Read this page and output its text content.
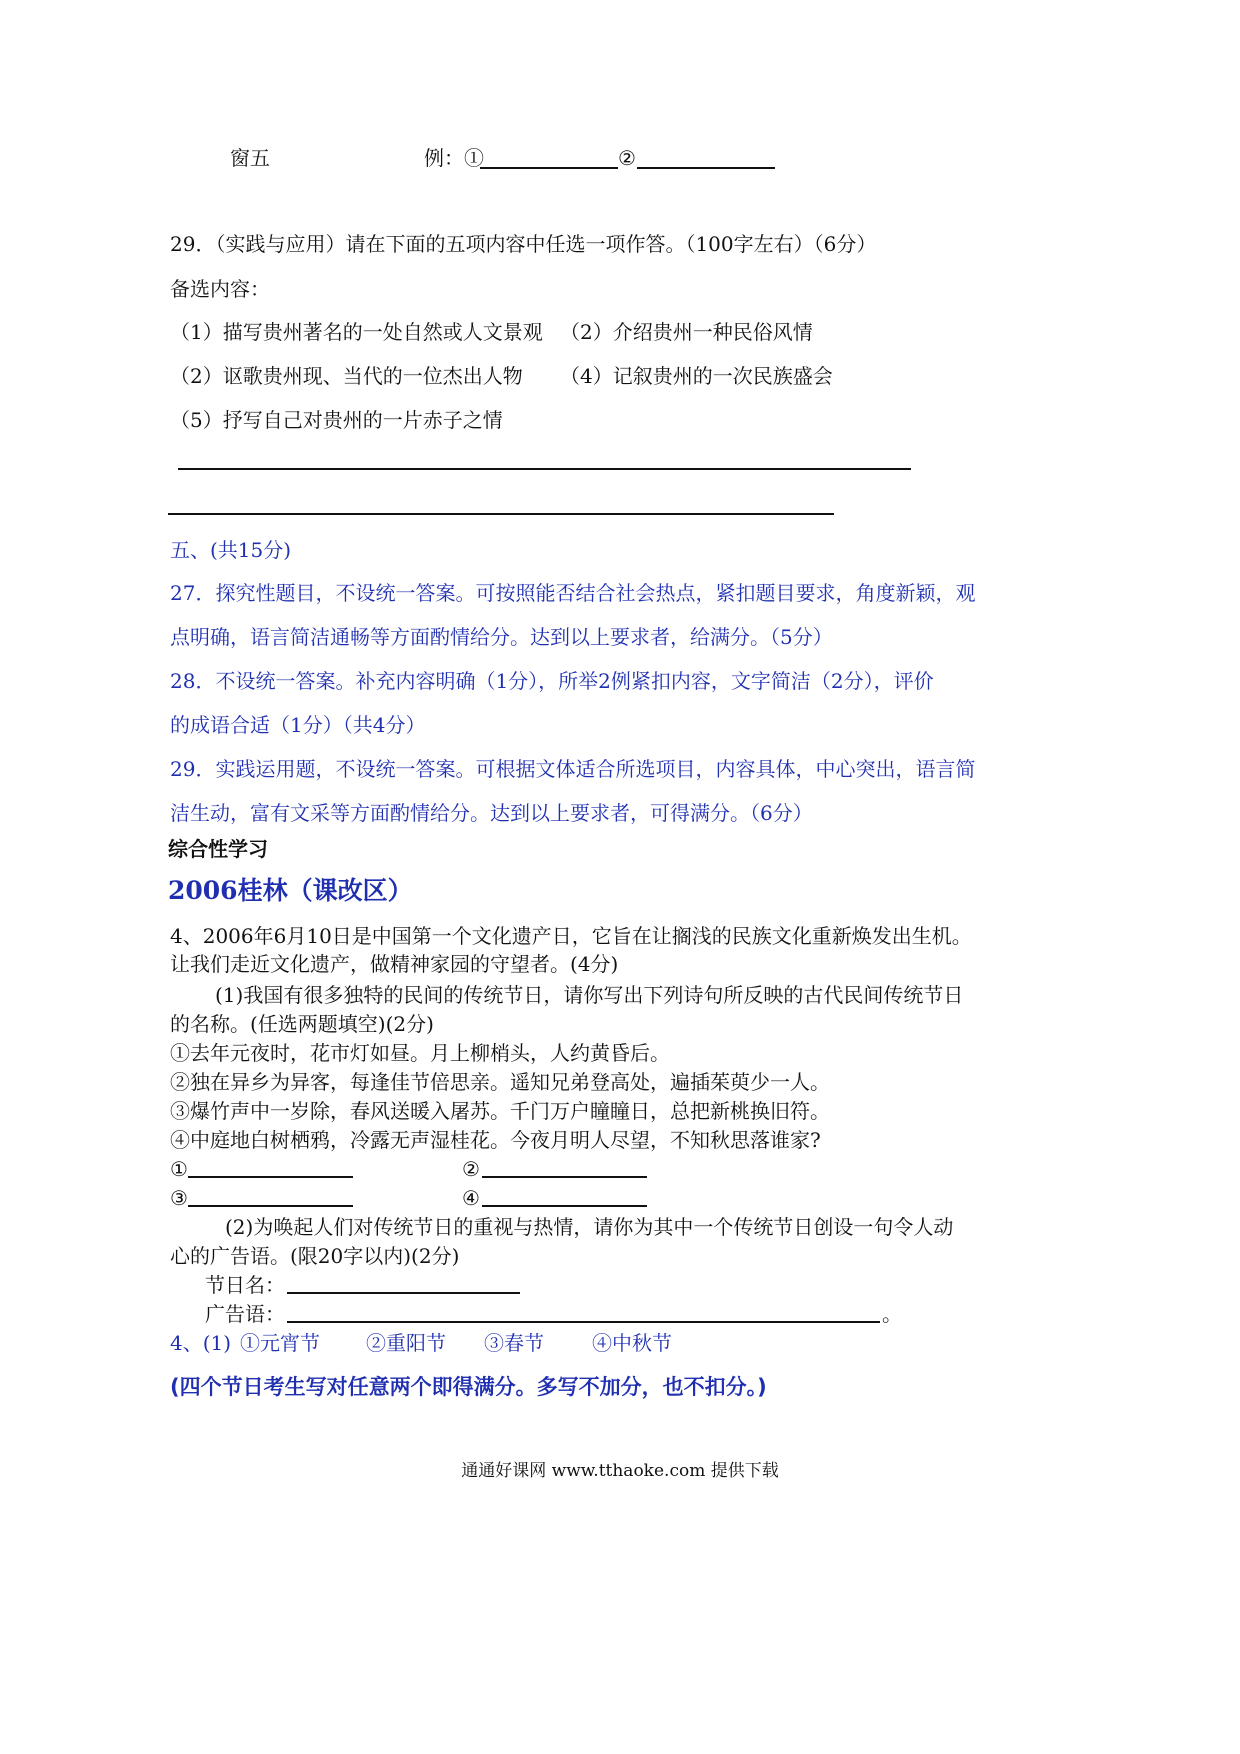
窗五	例：①	②
29．（实践与应用）请在下面的五项内容中任选一项作答。（100字左右）（6分）
备选内容：
（1）描写贵州著名的一处自然或人文景观 （2）介绍贵州一种民俗风情
（2）讴歌贵州现、当代的一位杰出人物 （4）记叙贵州的一次民族盛会
（5）抒写自己对贵州的一片赤子之情
五、(共15分)
27．探究性题目，不设统一答案。可按照能否结合社会热点，紧扣题目要求，角度新颖，观
点明确，语言简洁通畅等方面酌情给分。达到以上要求者，给满分。（5分）
28．不设统一答案。补充内容明确（1分），所举2例紧扣内容，文字简洁（2分），评价
的成语合适（1分）（共4分）
29．实践运用题，不设统一答案。可根据文体适合所选项目，内容具体，中心突出，语言简
洁生动，富有文采等方面酌情给分。达到以上要求者，可得满分。（6分）
综合性学习
2006桂林（课改区）
4、2006年6月10日是中国第一个文化遗产日，它旨在让搁浅的民族文化重新焕发出生机。
让我们走近文化遗产，做精神家园的守望者。(4分)
(1)我国有很多独特的民间的传统节日，请你写出下列诗句所反映的古代民间传统节日
的名称。(任选两题填空)(2分)
①去年元夜时，花市灯如昼。月上柳梢头，人约黄昏后。
②独在异乡为异客，每逢佳节倍思亲。遥知兄弟登高处，遍插茱萸少一人。
③爆竹声中一岁除，春风送暖入屠苏。千门万户瞳瞳日，总把新桃换旧符。
④中庭地白树栖鸦，冷露无声湿桂花。今夜月明人尽望，不知秋思落谁家?
①	②
③	④
(2)为唤起人们对传统节日的重视与热情，请你为其中一个传统节日创设一句令人动
心的广告语。(限20字以内)(2分)
节日名：
广告语：	。
4、(1) ①元宵节 ②重阳节 ③春节 ④中秋节
(四个节日考生写对任意两个即得满分。多写不加分，也不扣分。)
通通好课网 www.tthaoke.com 提供下载
